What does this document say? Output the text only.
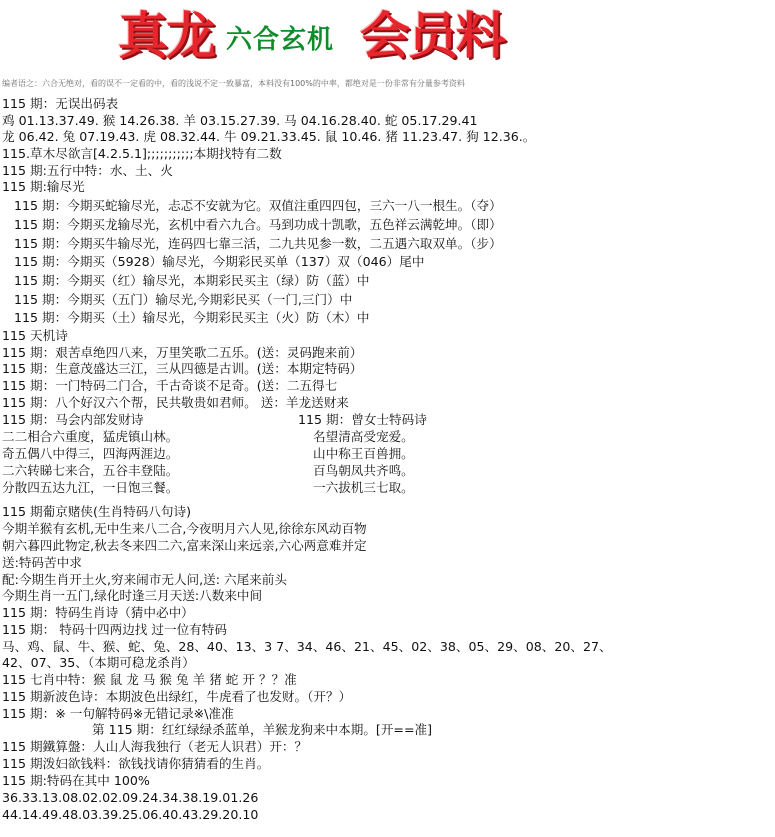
真龙 六合玄机 会员料
编者语之：六合无绝对，看的误不一定看的中，看的浅说不定一致暴富，本料没有100%的中率，都绝对是一份非常有分量参考资料
115 期：无误出码表
鸡 01.13.37.49. 猴 14.26.38. 羊 03.15.27.39. 马 04.16.28.40. 蛇 05.17.29.41
龙 06.42. 兔 07.19.43. 虎 08.32.44. 牛 09.21.33.45. 鼠 10.46. 猪 11.23.47. 狗 12.36.。
115.草木尽欲言[4.2.5.1];;;;;;;;;;;本期找特有二数
115 期:五行中特：水、土、火
115 期:输尽光
115 期：今期买蛇输尽光，忐忑不安就为它。双值注重四四包，三六一八一根生。（夺）
115 期：今期买龙输尽光，玄机中看六九合。马到功成十凯歌，五色祥云满乾坤。（即）
115 期：今期买牛输尽光，连码四七靠三活，二九共见参一数，二五遇六取双单。（步）
115 期：今期买（5928）输尽光，今期彩民买单（137）双（046）尾中
115 期：今期买（红）输尽光，本期彩民买主（绿）防（蓝）中
115 期：今期买（五门）输尽光,今期彩民买（一门,三门）中
115 期：今期买（土）输尽光，今期彩民买主（火）防（木）中
115 天机诗
115 期：艰苦卓绝四八来，万里笑歌二五乐。(送：灵码跑来前）
115 期：生意茂盛达三江，三从四德是古训。(送：本期定特码）
115 期：一门特码二门合，千古奇谈不足奇。(送：二五得七
115 期：八个好汉六个帮，民共敬贵如君师。 送：羊龙送财来
115 期：马会内部发财诗
二二相合六重度，猛虎镇山林。
奇五偶八中得三，四海两涯边。
二六转睇七来合，五谷丰登陆。
分散四五达九江，一日饱三餐。
115 期：曾女士特码诗
名望清高受宠爱。
山中称王百兽拥。
百鸟朝凤共齐鸣。
一六拔机三七取。
115 期葡京赌侠(生肖特码八句诗)
今期羊猴有玄机,无中生来八二合,今夜明月六人见,徐徐东风动百物
朝六暮四此物定,秋去冬来四二六,富来深山来远亲,六心两意难并定
送:特码苦中求
配:今期生肖开土火,穷来闹市无人问,送: 六尾来前头
今期生肖一五门,绿化时逢三月天送:八数来中间
115 期：特码生肖诗（猜中必中）
115 期： 特码十四两边找 过一位有特码
马、鸡、鼠、牛、猴、蛇、兔、28、40、13、3 7、34、46、21、45、02、38、05、29、08、20、27、
42、07、35、（本期可稳龙杀肖）
115 七肖中特：猴 鼠 龙 马 猴 兔 羊 猪 蛇 开 ？？准
115 期新波色诗：本期波色出绿红，牛虎看了也发财。（开？）
115 期：※ 一句解特码※无错记录※\准准
第 115 期：红红绿绿杀蓝单，羊猴龙狗来中本期。[开==准]
115 期鐵算盤：人山人海我独行（老无人识君）开：？
115 期泼妇欲钱料：欲钱找请你猜猜看的生肖。
115 期:特码在其中 100%
36.33.13.08.02.02.09.24.34.38.19.01.26
44.14.49.48.03.39.25.06.40.43.29.20.10
